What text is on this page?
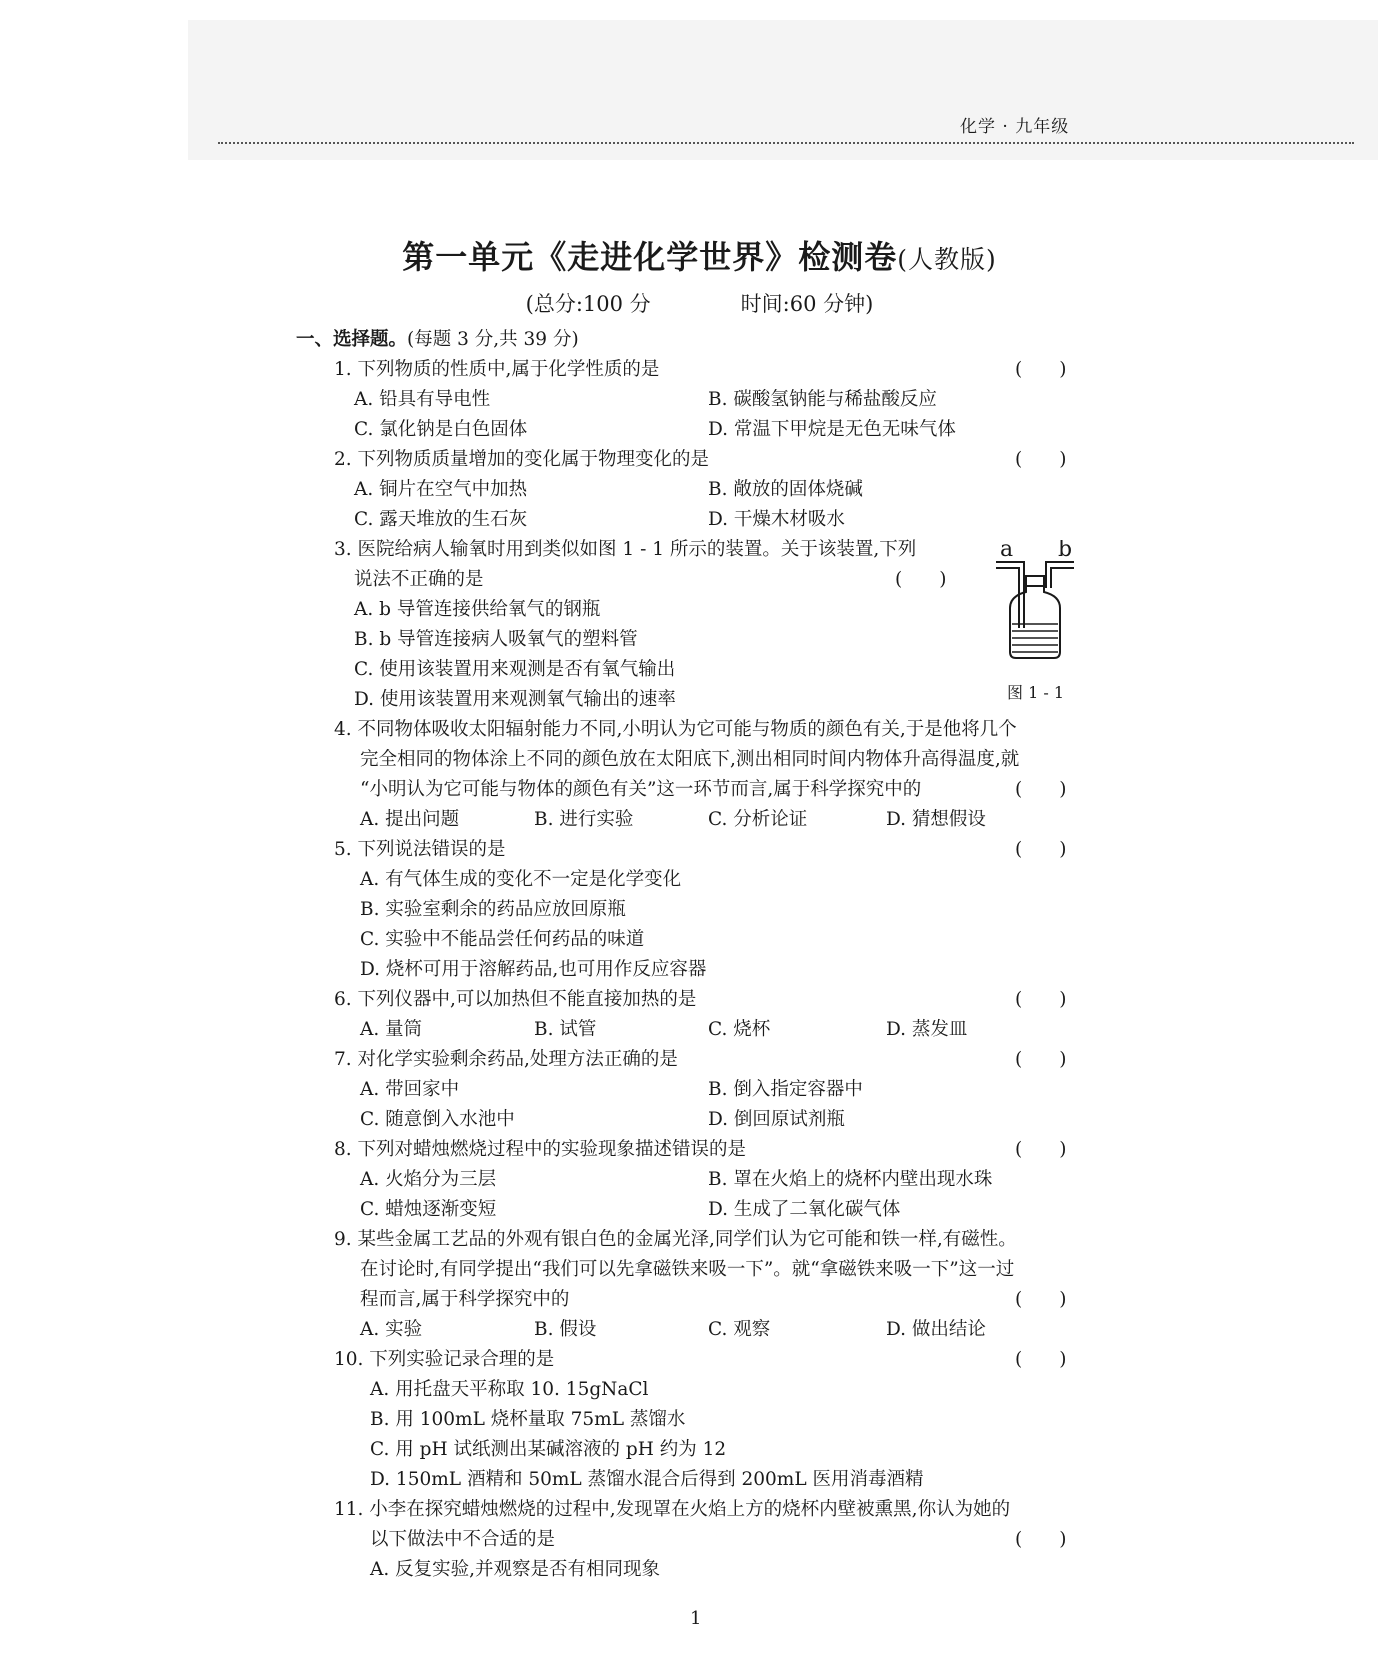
化学 · 九年级
第一单元《走进化学世界》检测卷(人教版)
(总分:100 分	时间:60 分钟)
一、选择题。(每题 3 分,共 39 分)
1. 下列物质的性质中,属于化学性质的是	(　　)
A. 铅具有导电性	B. 碳酸氢钠能与稀盐酸反应
C. 氯化钠是白色固体	D. 常温下甲烷是无色无味气体
2. 下列物质质量增加的变化属于物理变化的是	(　　)
A. 铜片在空气中加热	B. 敞放的固体烧碱
C. 露天堆放的生石灰	D. 干燥木材吸水
3. 医院给病人输氧时用到类似如图 1 - 1 所示的装置。关于该装置,下列
说法不正确的是	(　　)
A. b 导管连接供给氧气的钢瓶
B. b 导管连接病人吸氧气的塑料管
C. 使用该装置用来观测是否有氧气输出
D. 使用该装置用来观测氧气输出的速率
a b
图 1 - 1
4. 不同物体吸收太阳辐射能力不同,小明认为它可能与物质的颜色有关,于是他将几个
完全相同的物体涂上不同的颜色放在太阳底下,测出相同时间内物体升高得温度,就
“小明认为它可能与物体的颜色有关”这一环节而言,属于科学探究中的	(　　)
A. 提出问题	B. 进行实验	C. 分析论证	D. 猜想假设
5. 下列说法错误的是	(　　)
A. 有气体生成的变化不一定是化学变化
B. 实验室剩余的药品应放回原瓶
C. 实验中不能品尝任何药品的味道
D. 烧杯可用于溶解药品,也可用作反应容器
6. 下列仪器中,可以加热但不能直接加热的是	(　　)
A. 量筒	B. 试管	C. 烧杯	D. 蒸发皿
7. 对化学实验剩余药品,处理方法正确的是	(　　)
A. 带回家中	B. 倒入指定容器中
C. 随意倒入水池中	D. 倒回原试剂瓶
8. 下列对蜡烛燃烧过程中的实验现象描述错误的是	(　　)
A. 火焰分为三层	B. 罩在火焰上的烧杯内壁出现水珠
C. 蜡烛逐渐变短	D. 生成了二氧化碳气体
9. 某些金属工艺品的外观有银白色的金属光泽,同学们认为它可能和铁一样,有磁性。
在讨论时,有同学提出“我们可以先拿磁铁来吸一下”。就“拿磁铁来吸一下”这一过
程而言,属于科学探究中的	(　　)
A. 实验	B. 假设	C. 观察	D. 做出结论
10. 下列实验记录合理的是	(　　)
A. 用托盘天平称取 10. 15gNaCl
B. 用 100mL 烧杯量取 75mL 蒸馏水
C. 用 pH 试纸测出某碱溶液的 pH 约为 12
D. 150mL 酒精和 50mL 蒸馏水混合后得到 200mL 医用消毒酒精
11. 小李在探究蜡烛燃烧的过程中,发现罩在火焰上方的烧杯内壁被熏黑,你认为她的
以下做法中不合适的是	(　　)
A. 反复实验,并观察是否有相同现象
1
